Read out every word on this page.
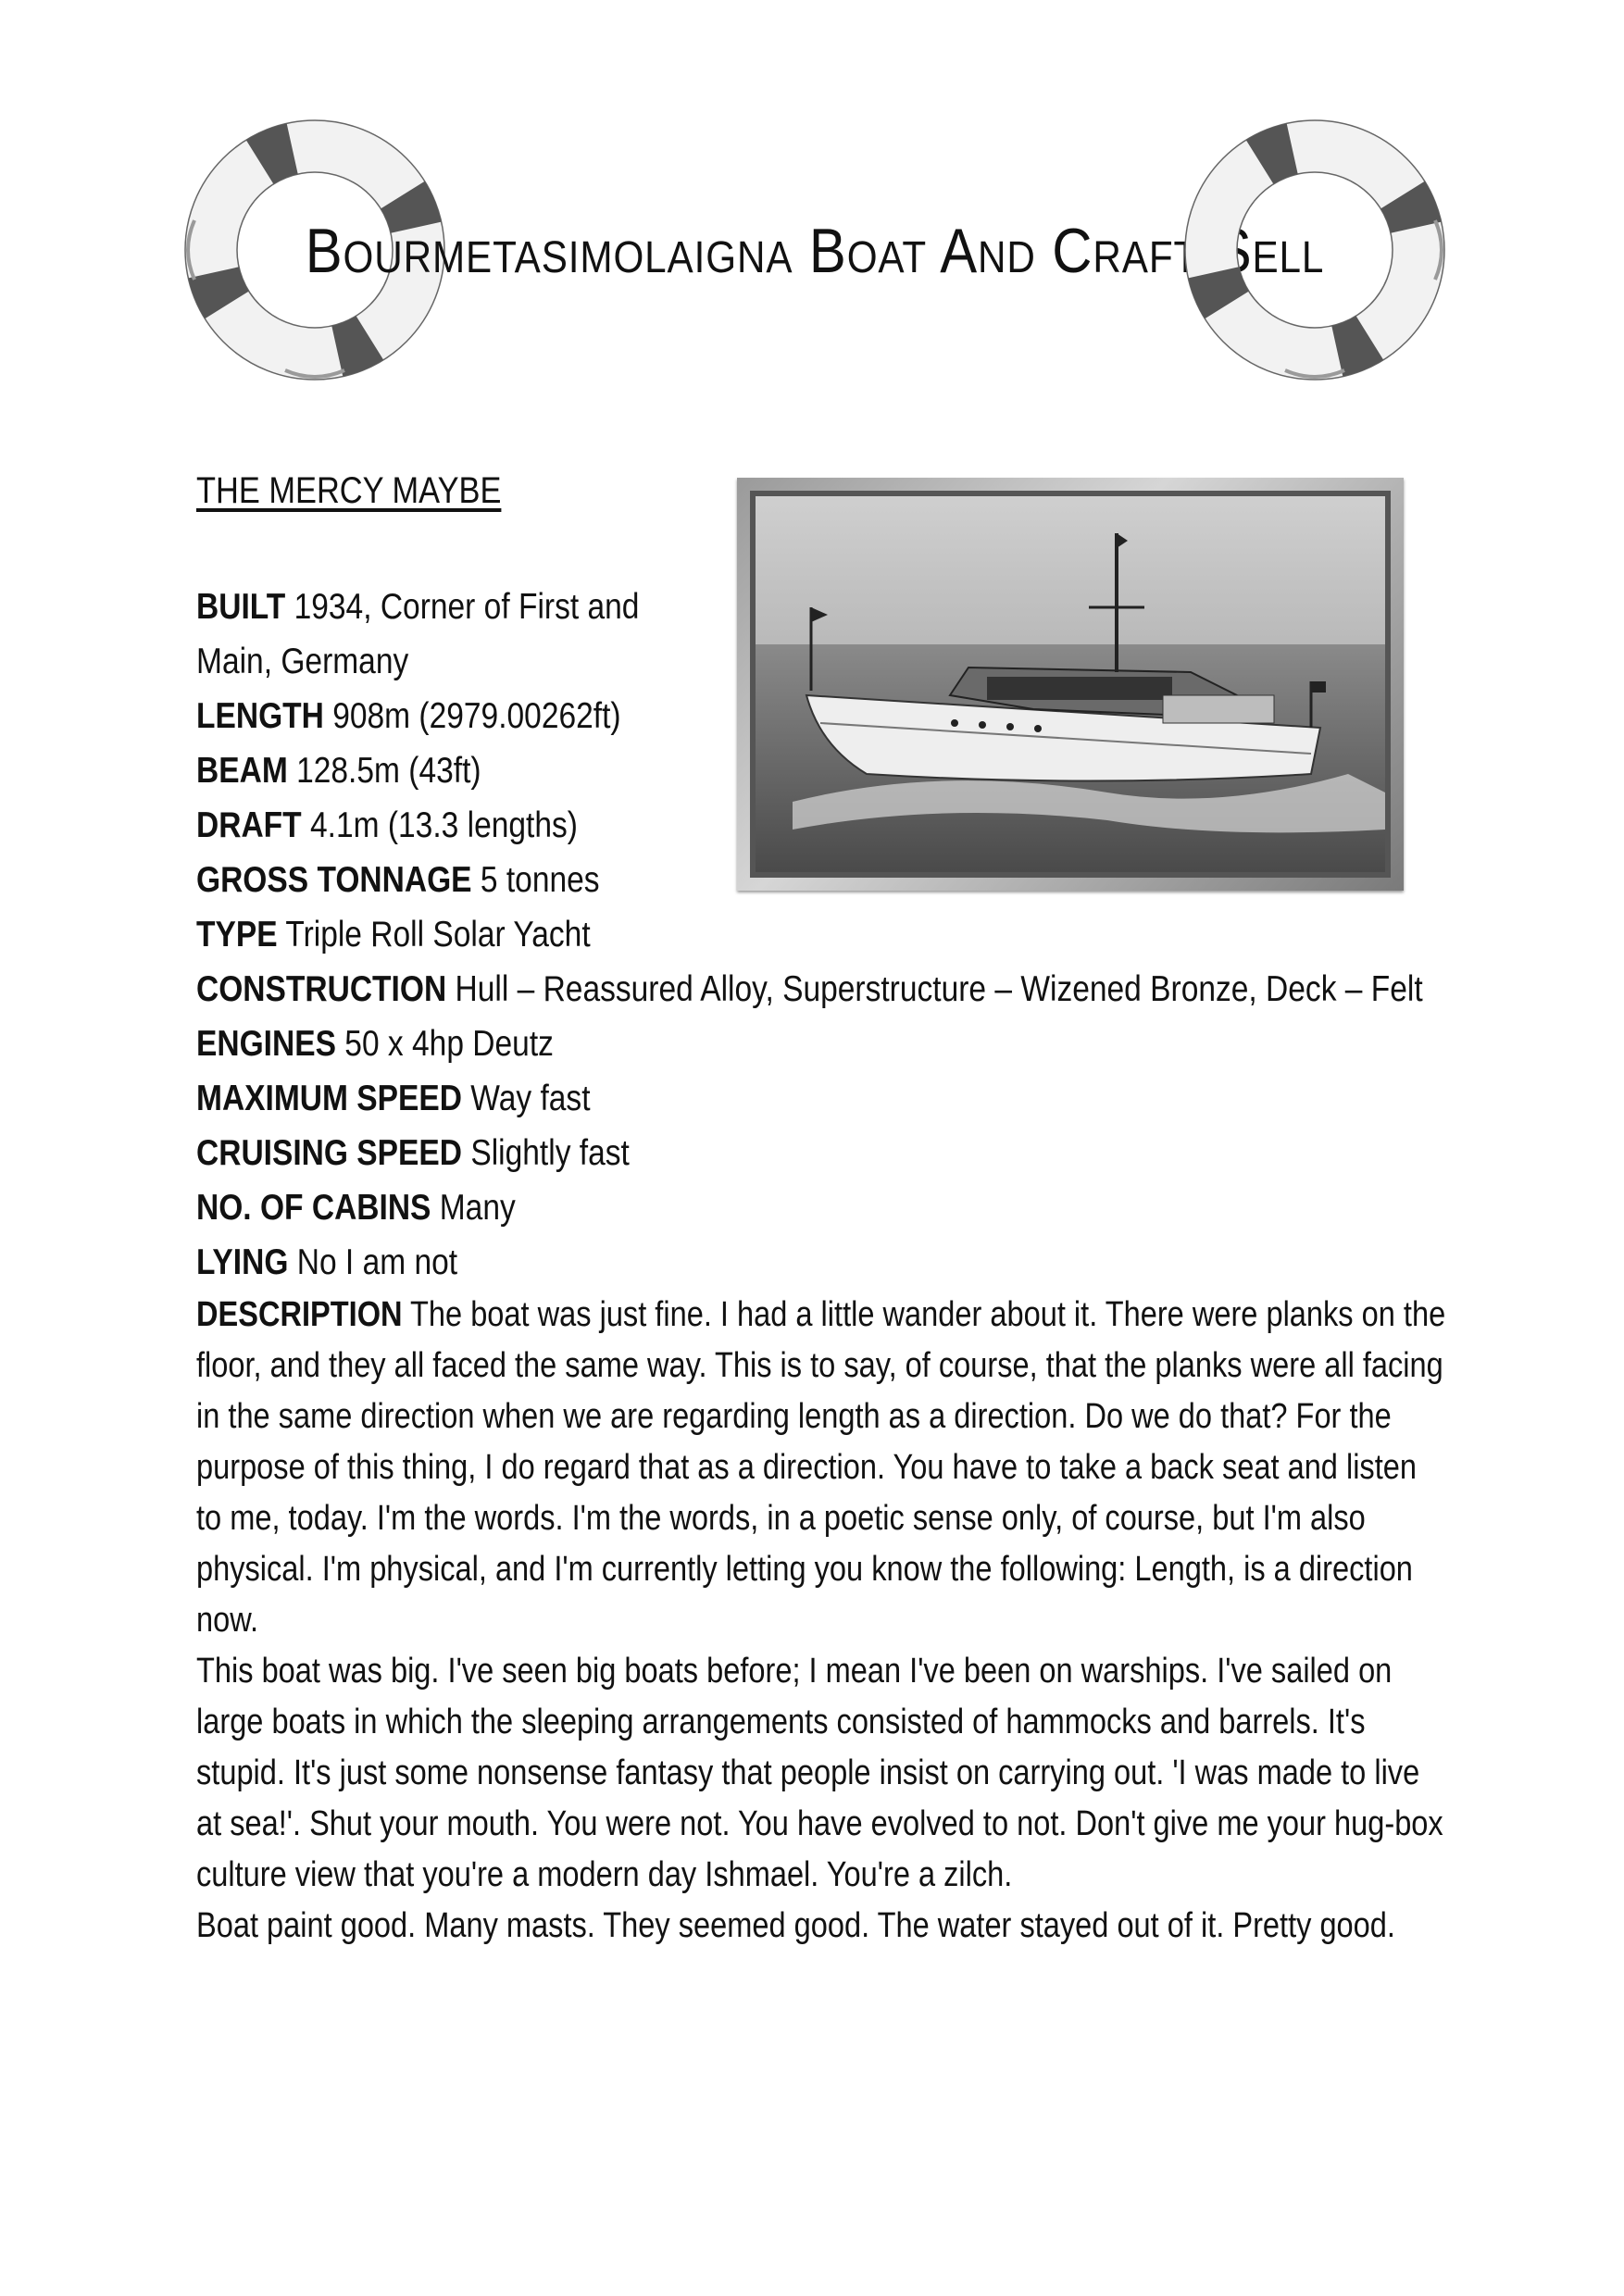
Bourmetasimolaigna Boat And Craft Sell
THE MERCY MAYBE

BUILT 1934, Corner of First and Main, Germany

LENGTH 908m (2979.00262ft)

BEAM 128.5m (43ft)

DRAFT 4.1m (13.3 lengths)

GROSS TONNAGE 5 tonnes

TYPE Triple Roll Solar Yacht

CONSTRUCTION Hull – Reassured Alloy, Superstructure – Wizened Bronze, Deck – Felt

ENGINES 50 x 4hp Deutz

MAXIMUM SPEED Way fast

CRUISING SPEED Slightly fast

NO. OF CABINS Many

LYING No I am not

DESCRIPTION The boat was just fine. I had a little wander about it. There were planks on the floor, and they all faced the same way. This is to say, of course, that the planks were all facing in the same direction when we are regarding length as a direction. Do we do that? For the purpose of this thing, I do regard that as a direction. You have to take a back seat and listen to me, today. I'm the words. I'm the words, in a poetic sense only, of course, but I'm also physical. I'm physical, and I'm currently letting you know the following: Length, is a direction now.

This boat was big. I've seen big boats before; I mean I've been on warships. I've sailed on large boats in which the sleeping arrangements consisted of hammocks and barrels. It's stupid. It's just some nonsense fantasy that people insist on carrying out. 'I was made to live at sea!'. Shut your mouth. You were not. You have evolved to not. Don't give me your hug-box culture view that you're a modern day Ishmael. You're a zilch.

Boat paint good. Many masts. They seemed good. The water stayed out of it. Pretty good.
